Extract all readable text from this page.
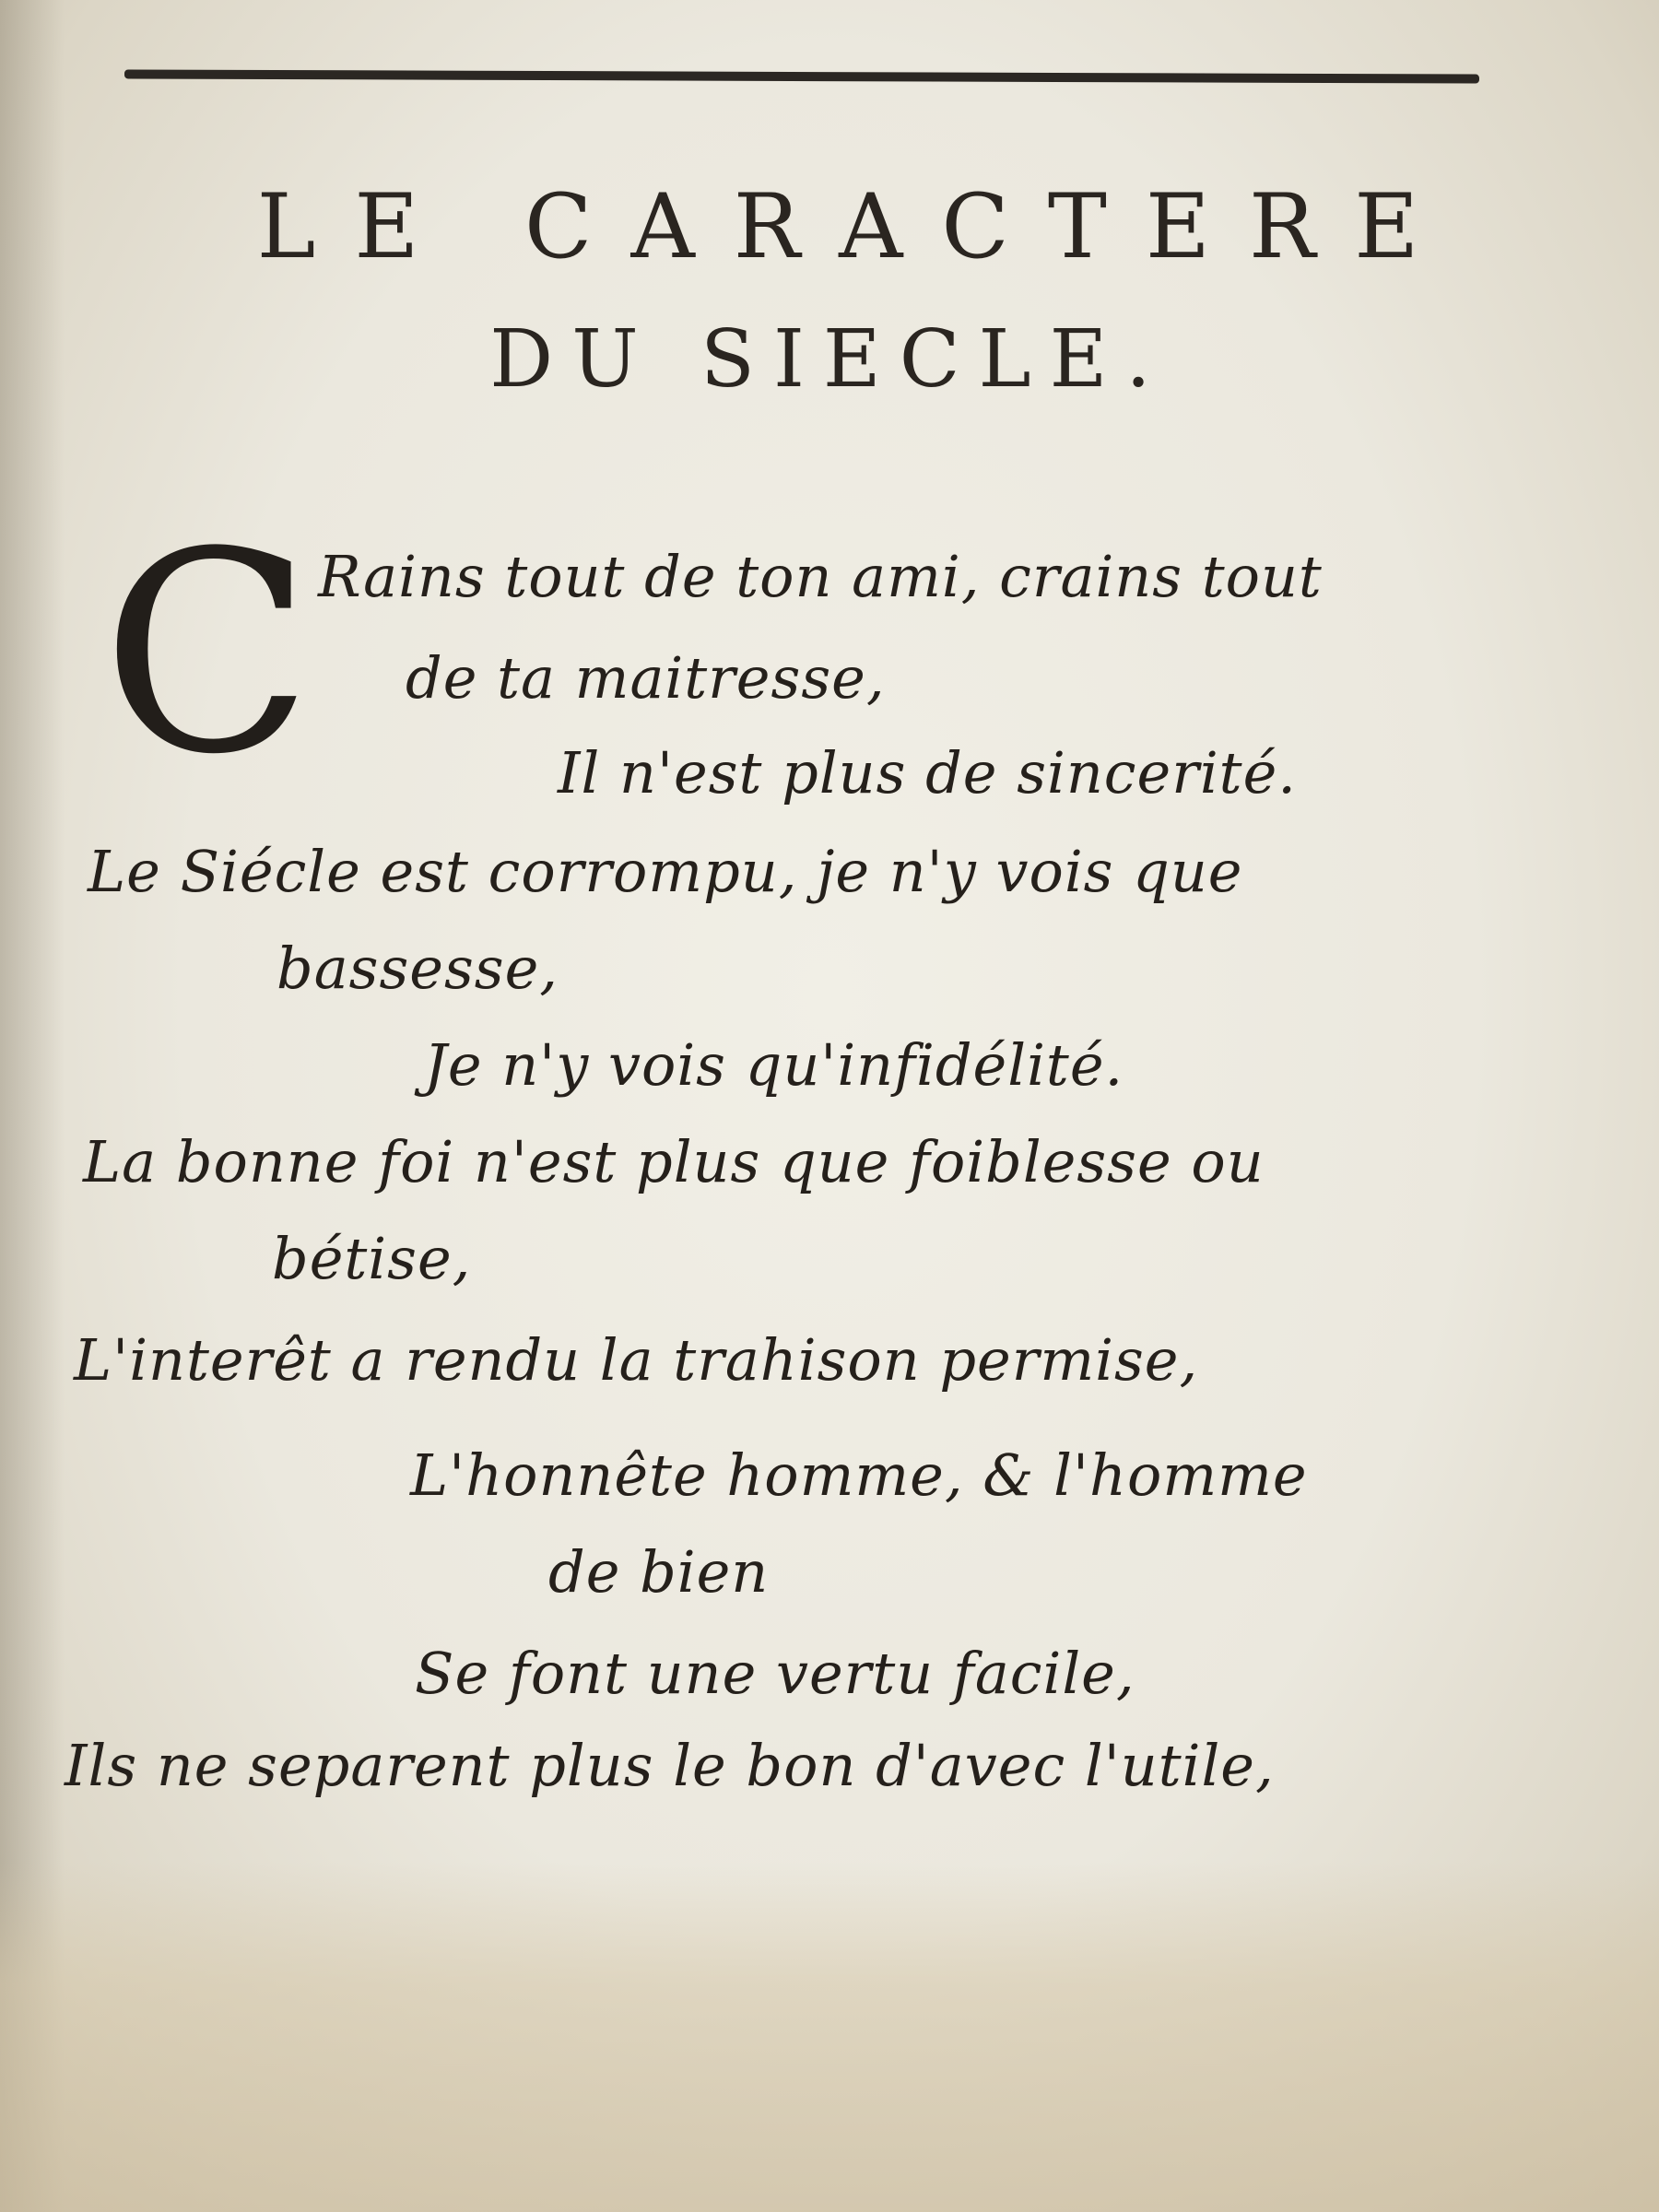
LE CARACTERE
DU SIECLE.
C Rains tout de ton ami, crains tout

de ta maitresse,

Il n'est plus de sincerité.

Le Siécle est corrompu, je n'y vois que

bassesse,

Je n'y vois qu'infidélité.

La bonne foi n'est plus que foiblesse ou

bétise,

L'interêt a rendu la trahison permise,

L'honnête homme, & l'homme

de bien

Se font une vertu facile,

Ils ne separent plus le bon d'avec l'utile,
